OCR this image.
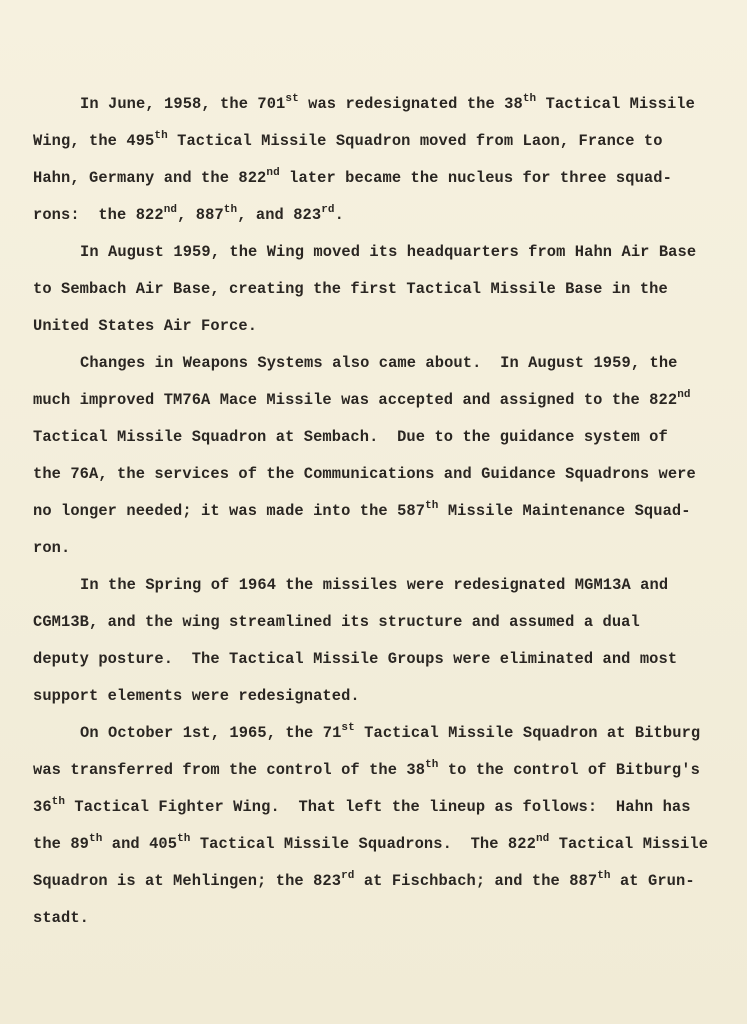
In June, 1958, the 701st was redesignated the 38th Tactical Missile
Wing, the 495th Tactical Missile Squadron moved from Laon, France to
Hahn, Germany and the 822nd later became the nucleus for three squad-
rons:  the 822nd, 887th, and 823rd.
In August 1959, the Wing moved its headquarters from Hahn Air Base
to Sembach Air Base, creating the first Tactical Missile Base in the
United States Air Force.
Changes in Weapons Systems also came about.  In August 1959, the
much improved TM76A Mace Missile was accepted and assigned to the 822nd
Tactical Missile Squadron at Sembach.  Due to the guidance system of
the 76A, the services of the Communications and Guidance Squadrons were
no longer needed; it was made into the 587th Missile Maintenance Squad-
ron.
In the Spring of 1964 the missiles were redesignated MGM13A and
CGM13B, and the wing streamlined its structure and assumed a dual
deputy posture.  The Tactical Missile Groups were eliminated and most
support elements were redesignated.
On October 1st, 1965, the 71st Tactical Missile Squadron at Bitburg
was transferred from the control of the 38th to the control of Bitburg's
36th Tactical Fighter Wing.  That left the lineup as follows:  Hahn has
the 89th and 405th Tactical Missile Squadrons.  The 822nd Tactical Missile
Squadron is at Mehlingen; the 823rd at Fischbach; and the 887th at Grun-
stadt.
